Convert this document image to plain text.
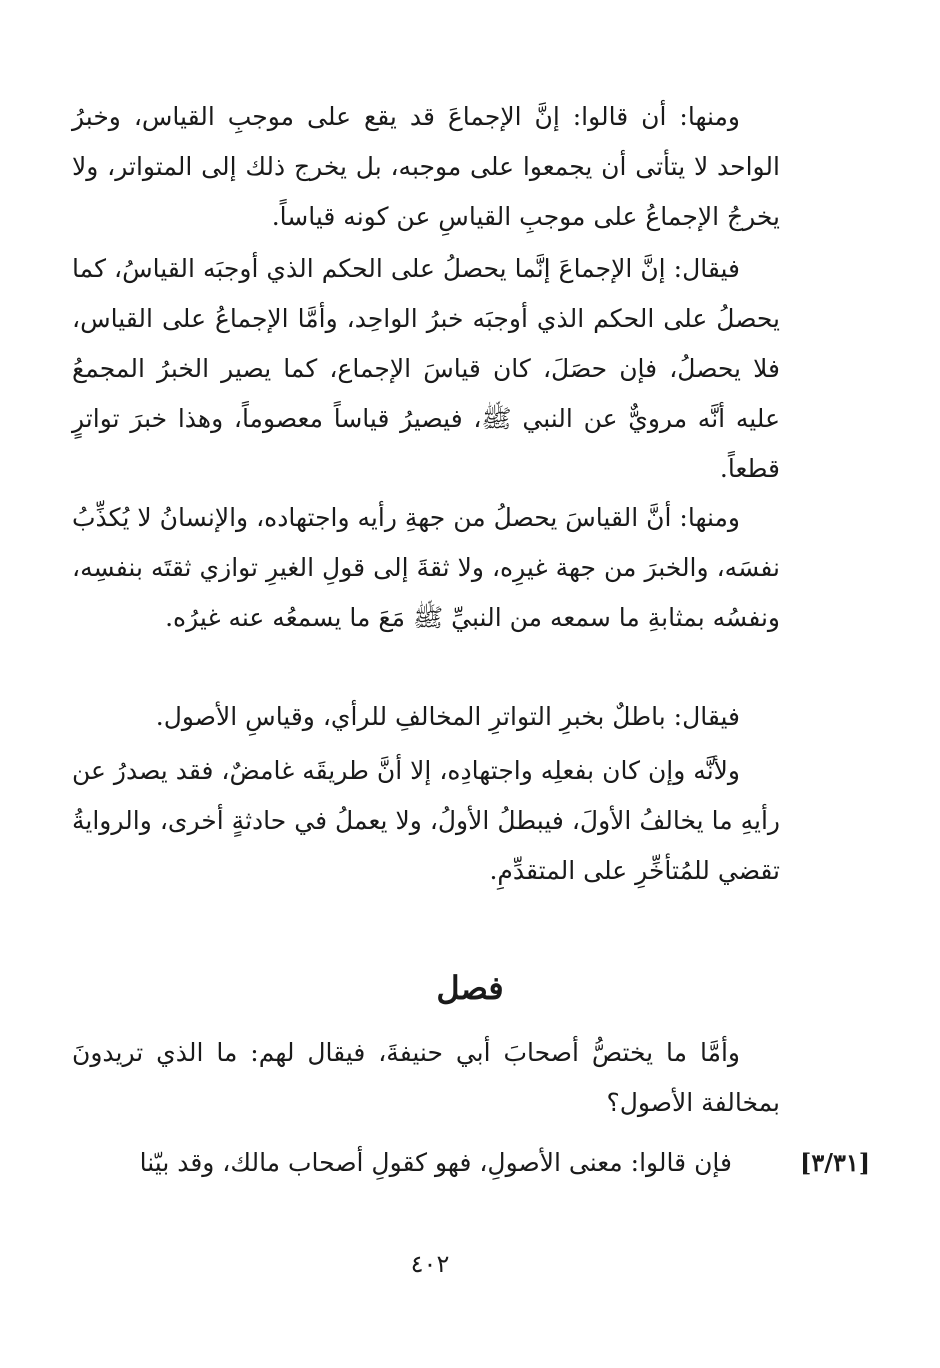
ومنها: أن قالوا: إنَّ الإجماعَ قد يقع على موجبِ القياس، وخبرُ الواحد لا يتأتى أن يجمعوا على موجبه، بل يخرج ذلك إلى المتواتر، ولا يخرجُ الإجماعُ على موجبِ القياسِ عن كونه قياساً.

فيقال: إنَّ الإجماعَ إنَّما يحصلُ على الحكم الذي أوجبَه القياسُ، كما يحصلُ على الحكم الذي أوجبَه خبرُ الواحِد، وأمَّا الإجماعُ على القياس، فلا يحصلُ، فإن حصَلَ، كان قياسَ الإجماع، كما يصير الخبرُ المجمعُ عليه أنَّه مرويٌّ عن النبي ﷺ، فيصيرُ قياساً معصوماً، وهذا خبرَ تواترٍ قطعاً.

ومنها: أنَّ القياسَ يحصلُ من جهةِ رأيه واجتهاده، والإنسانُ لا يُكذِّبُ نفسَه، والخبرَ من جهة غيرِه، ولا ثقةَ إلى قولِ الغيرِ توازي ثقتَه بنفسِه، ونفسُه بمثابةِ ما سمعه من النبيِّ ﷺ مَعَ ما يسمعُه عنه غيرُه.

فيقال: باطلٌ بخبرِ التواترِ المخالفِ للرأي، وقياسِ الأصول.

ولأنَّه وإن كان بفعلِه واجتهادِه، إلا أنَّ طريقَه غامضٌ، فقد يصدرُ عن رأيهِ ما يخالفُ الأولَ، فيبطلُ الأولُ، ولا يعملُ في حادثةٍ أخرى، والروايةُ تقضي للمُتأخِّرِ على المتقدِّمِ.

فصل

وأمَّا ما يختصُّ أصحابَ أبي حنيفةَ، فيقال لهم: ما الذي تريدونَ بمخالفة الأصول؟

فإن قالوا: معنى الأصولِ، فهو كقولِ أصحاب مالك، وقد بيّنا	[٣/٣١]
٤٠٢
